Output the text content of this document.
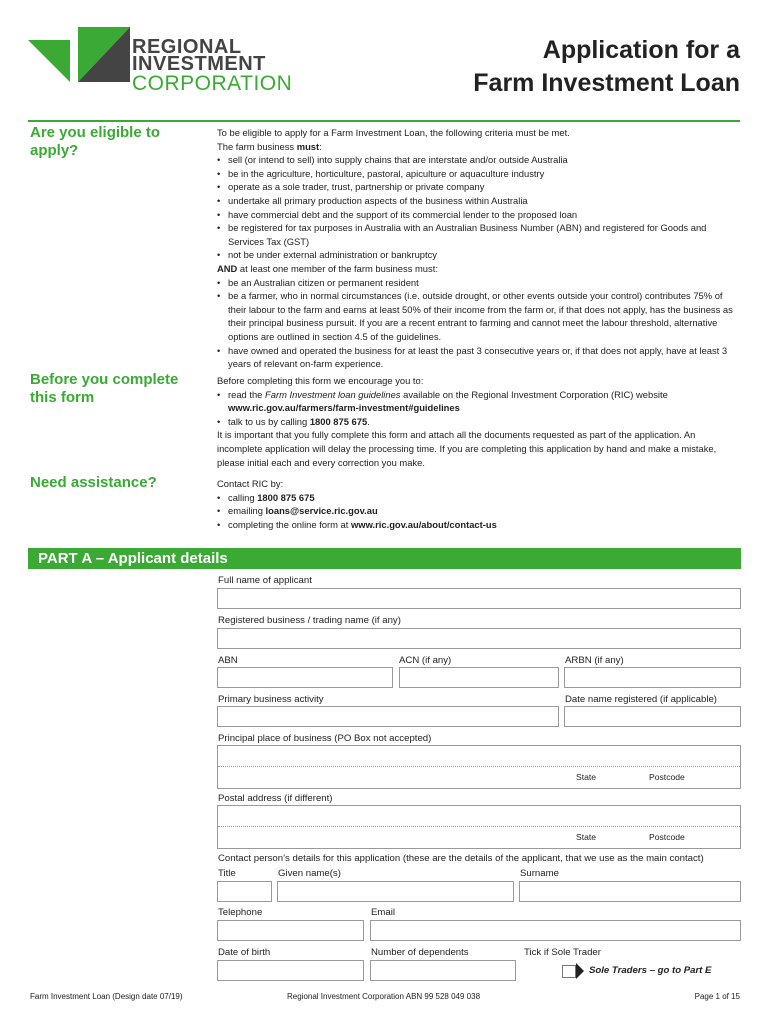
REGIONAL
INVESTMENT
CORPORATION
Application for a
Farm Investment Loan
Are you eligible to apply?
To be eligible to apply for a Farm Investment Loan, the following criteria must be met.
The farm business must:
• sell (or intend to sell) into supply chains that are interstate and/or outside Australia
• be in the agriculture, horticulture, pastoral, apiculture or aquaculture industry
• operate as a sole trader, trust, partnership or private company
• undertake all primary production aspects of the business within Australia
• have commercial debt and the support of its commercial lender to the proposed loan
• be registered for tax purposes in Australia with an Australian Business Number (ABN) and registered for Goods and Services Tax (GST)
• not be under external administration or bankruptcy
AND at least one member of the farm business must:
• be an Australian citizen or permanent resident
• be a farmer, who in normal circumstances (i.e. outside drought, or other events outside your control) contributes 75% of their labour to the farm and earns at least 50% of their income from the farm or, if that does not apply, has the business as their principal business pursuit. If you are a recent entrant to farming and cannot meet the labour threshold, alternative options are outlined in section 4.5 of the guidelines.
• have owned and operated the business for at least the past 3 consecutive years or, if that does not apply, have at least 3 years of relevant on-farm experience.
Before you complete this form
Before completing this form we encourage you to:
• read the Farm Investment loan guidelines available on the Regional Investment Corporation (RIC) website
www.ric.gov.au/farmers/farm-investment#guidelines
• talk to us by calling 1800 875 675.
It is important that you fully complete this form and attach all the documents requested as part of the application. An incomplete application will delay the processing time. If you are completing this application by hand and make a mistake, please initial each and every correction you make.
Need assistance?	Contact RIC by:
• calling 1800 875 675
• emailing loans@service.ric.gov.au
• completing the online form at www.ric.gov.au/about/contact-us
PART A – Applicant details
Full name of applicant
Registered business / trading name (if any)
ABN	ACN (if any)	ARBN (if any)
Primary business activity	Date name registered (if applicable)
Principal place of business (PO Box not accepted)
State	Postcode
Postal address (if different)
State	Postcode
Contact person’s details for this application (these are the details of the applicant, that we use as the main contact)
Title	Given name(s)	Surname
Telephone	Email
Date of birth	Number of dependents	Tick if Sole Trader
Sole Traders – go to Part E
Farm Investment Loan (Design date 07/19)	Regional Investment Corporation ABN 99 528 049 038	Page 1 of 15
